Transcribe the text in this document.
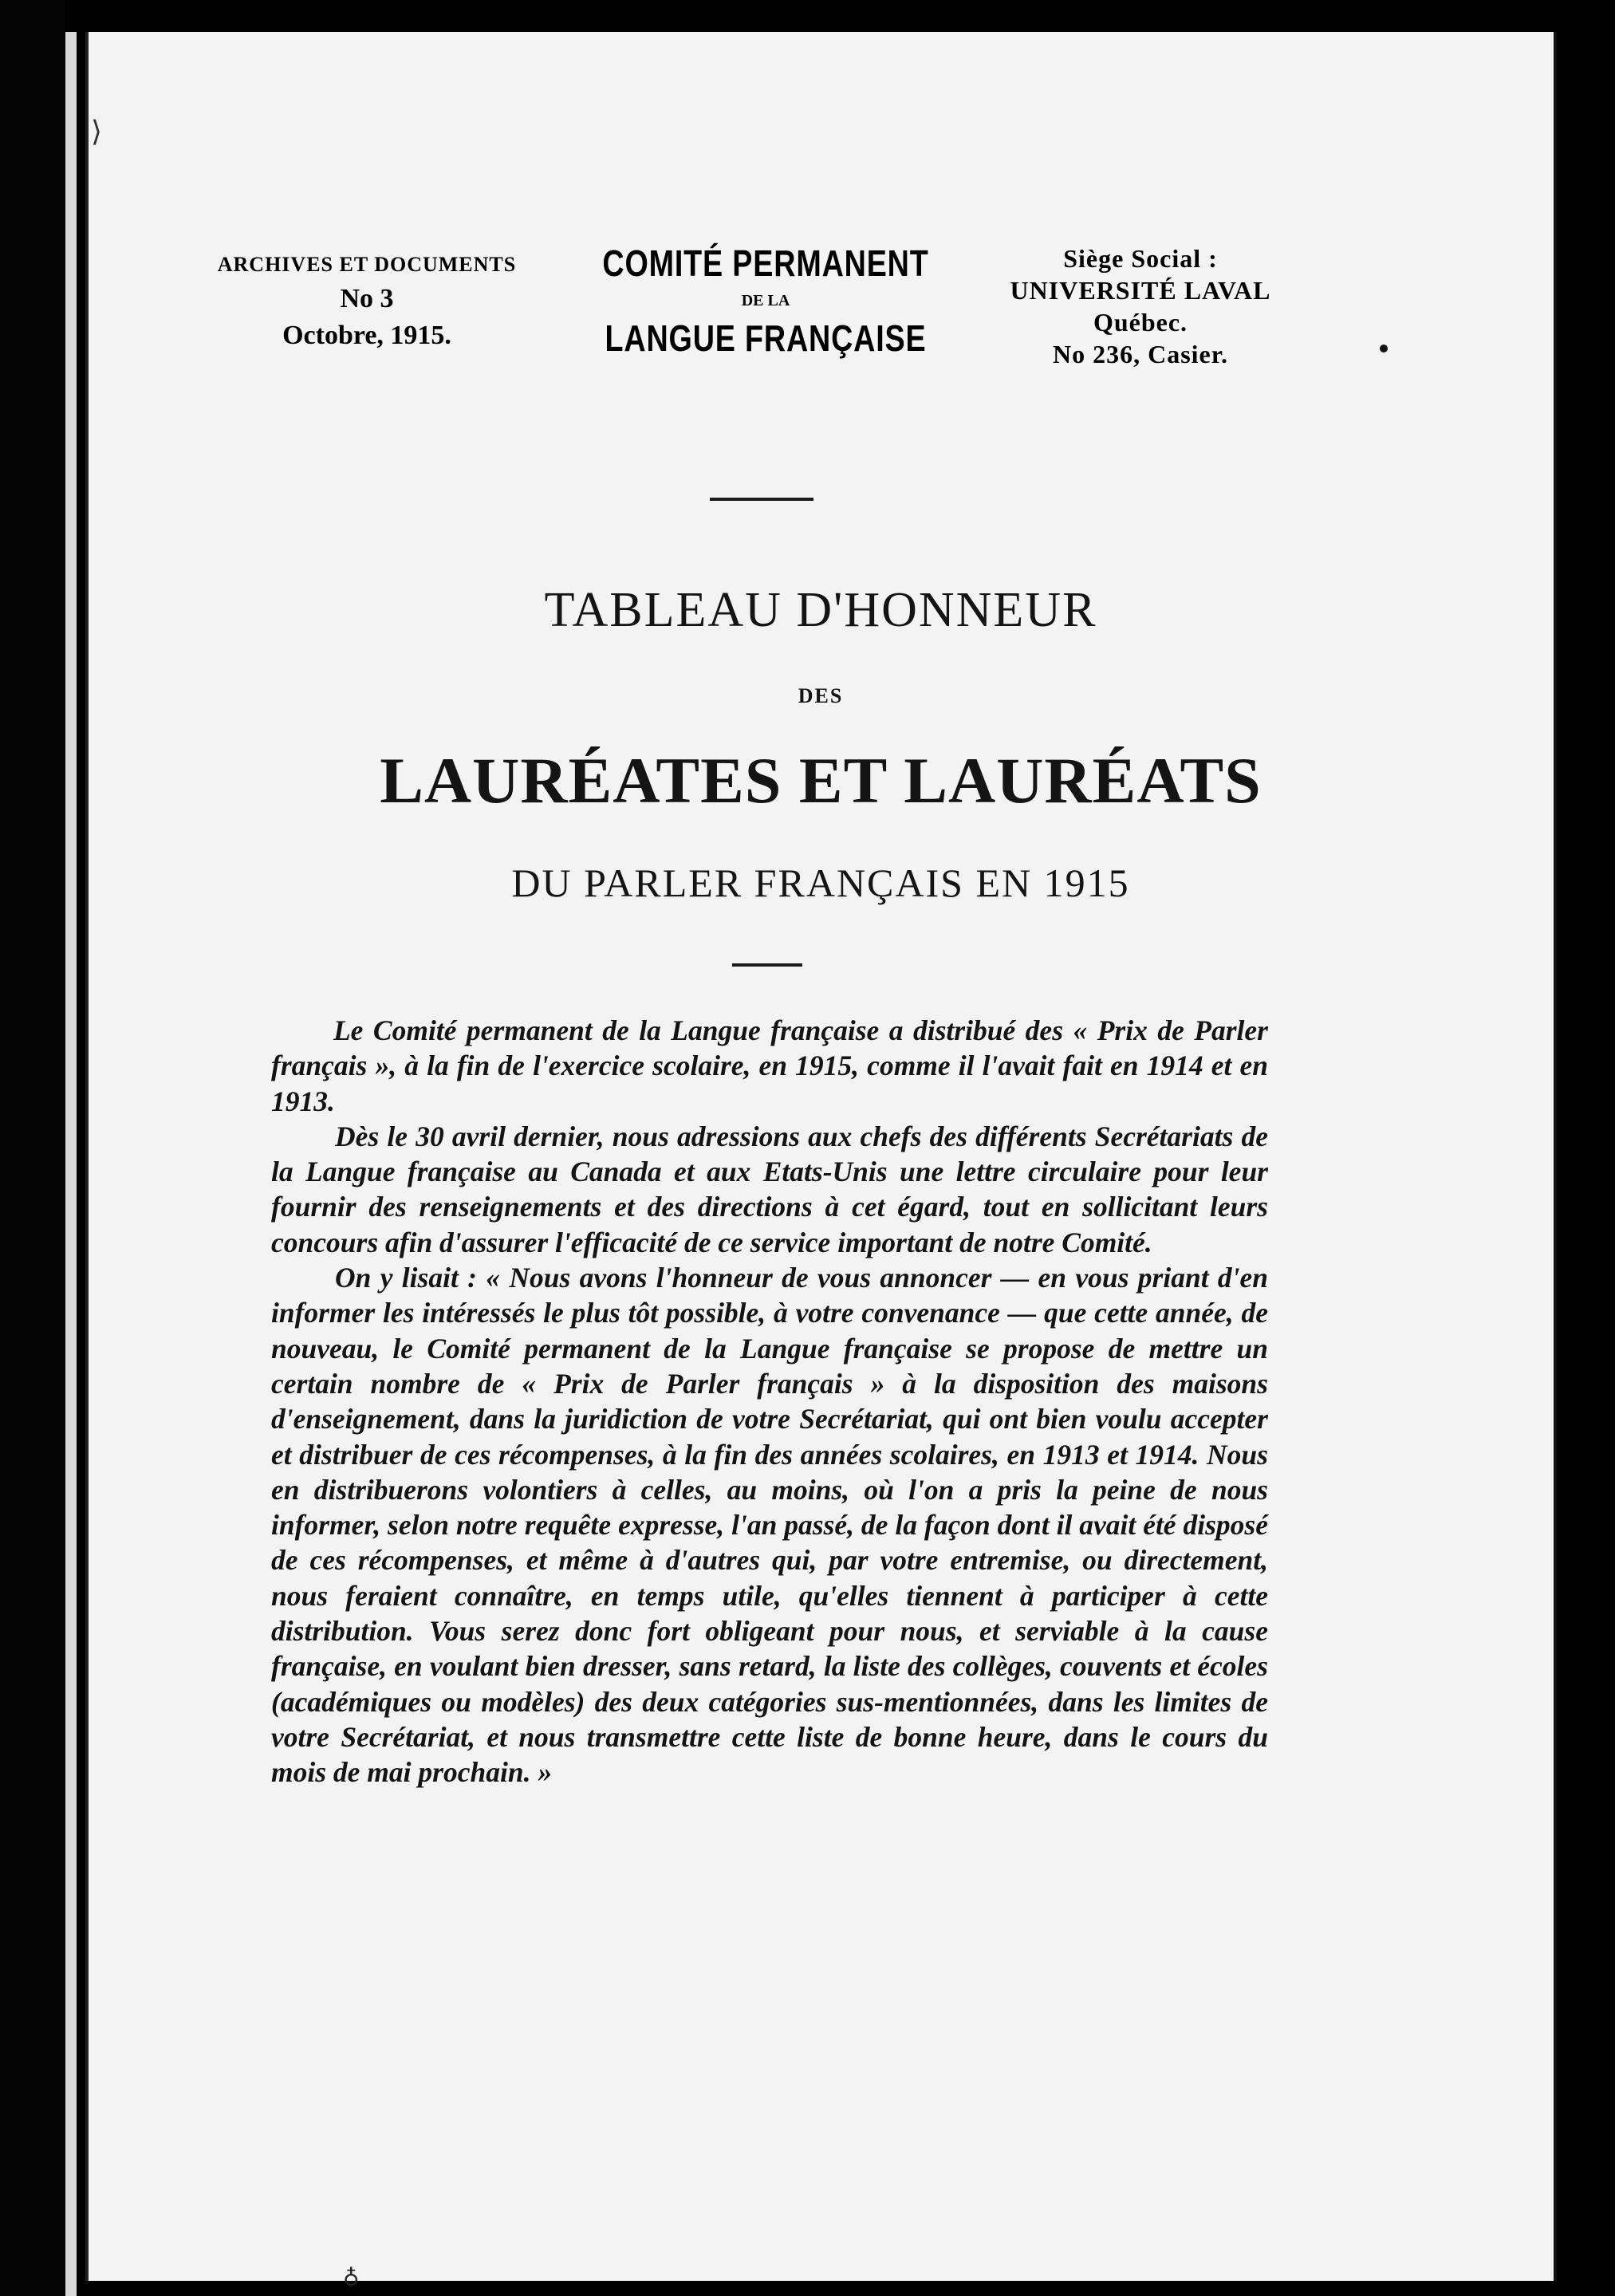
⟩
ARCHIVES ET DOCUMENTS
No 3
Octobre, 1915.
COMITÉ PERMANENT
DE LA
LANGUE FRANÇAISE
Siège Social :
UNIVERSITÉ LAVAL
Québec.
No 236, Casier.
TABLEAU D'HONNEUR
DES
LAURÉATES ET LAURÉATS
DU PARLER FRANÇAIS EN 1915

Le Comité permanent de la Langue française a distribué des « Prix de Parler français », à la fin de l'exercice scolaire, en 1915, comme il l'avait fait en 1914 et en 1913.

Dès le 30 avril dernier, nous adressions aux chefs des différents Secrétariats de la Langue française au Canada et aux Etats-Unis une lettre circulaire pour leur fournir des renseignements et des directions à cet égard, tout en sollicitant leurs concours afin d'assurer l'efficacité de ce service important de notre Comité.

On y lisait : « Nous avons l'honneur de vous annoncer — en vous priant d'en informer les intéressés le plus tôt possible, à votre convenance — que cette année, de nouveau, le Comité permanent de la Langue française se propose de mettre un certain nombre de « Prix de Parler français » à la disposition des maisons d'enseignement, dans la juridiction de votre Secrétariat, qui ont bien voulu accepter et distribuer de ces récompenses, à la fin des années scolaires, en 1913 et 1914. Nous en distribuerons volontiers à celles, au moins, où l'on a pris la peine de nous informer, selon notre requête expresse, l'an passé, de la façon dont il avait été disposé de ces récompenses, et même à d'autres qui, par votre entremise, ou directement, nous feraient connaître, en temps utile, qu'elles tiennent à participer à cette distribution. Vous serez donc fort obligeant pour nous, et serviable à la cause française, en voulant bien dresser, sans retard, la liste des collèges, couvents et écoles (académiques ou modèles) des deux catégories sus-mentionnées, dans les limites de votre Secrétariat, et nous transmettre cette liste de bonne heure, dans le cours du mois de mai prochain. »

♁
